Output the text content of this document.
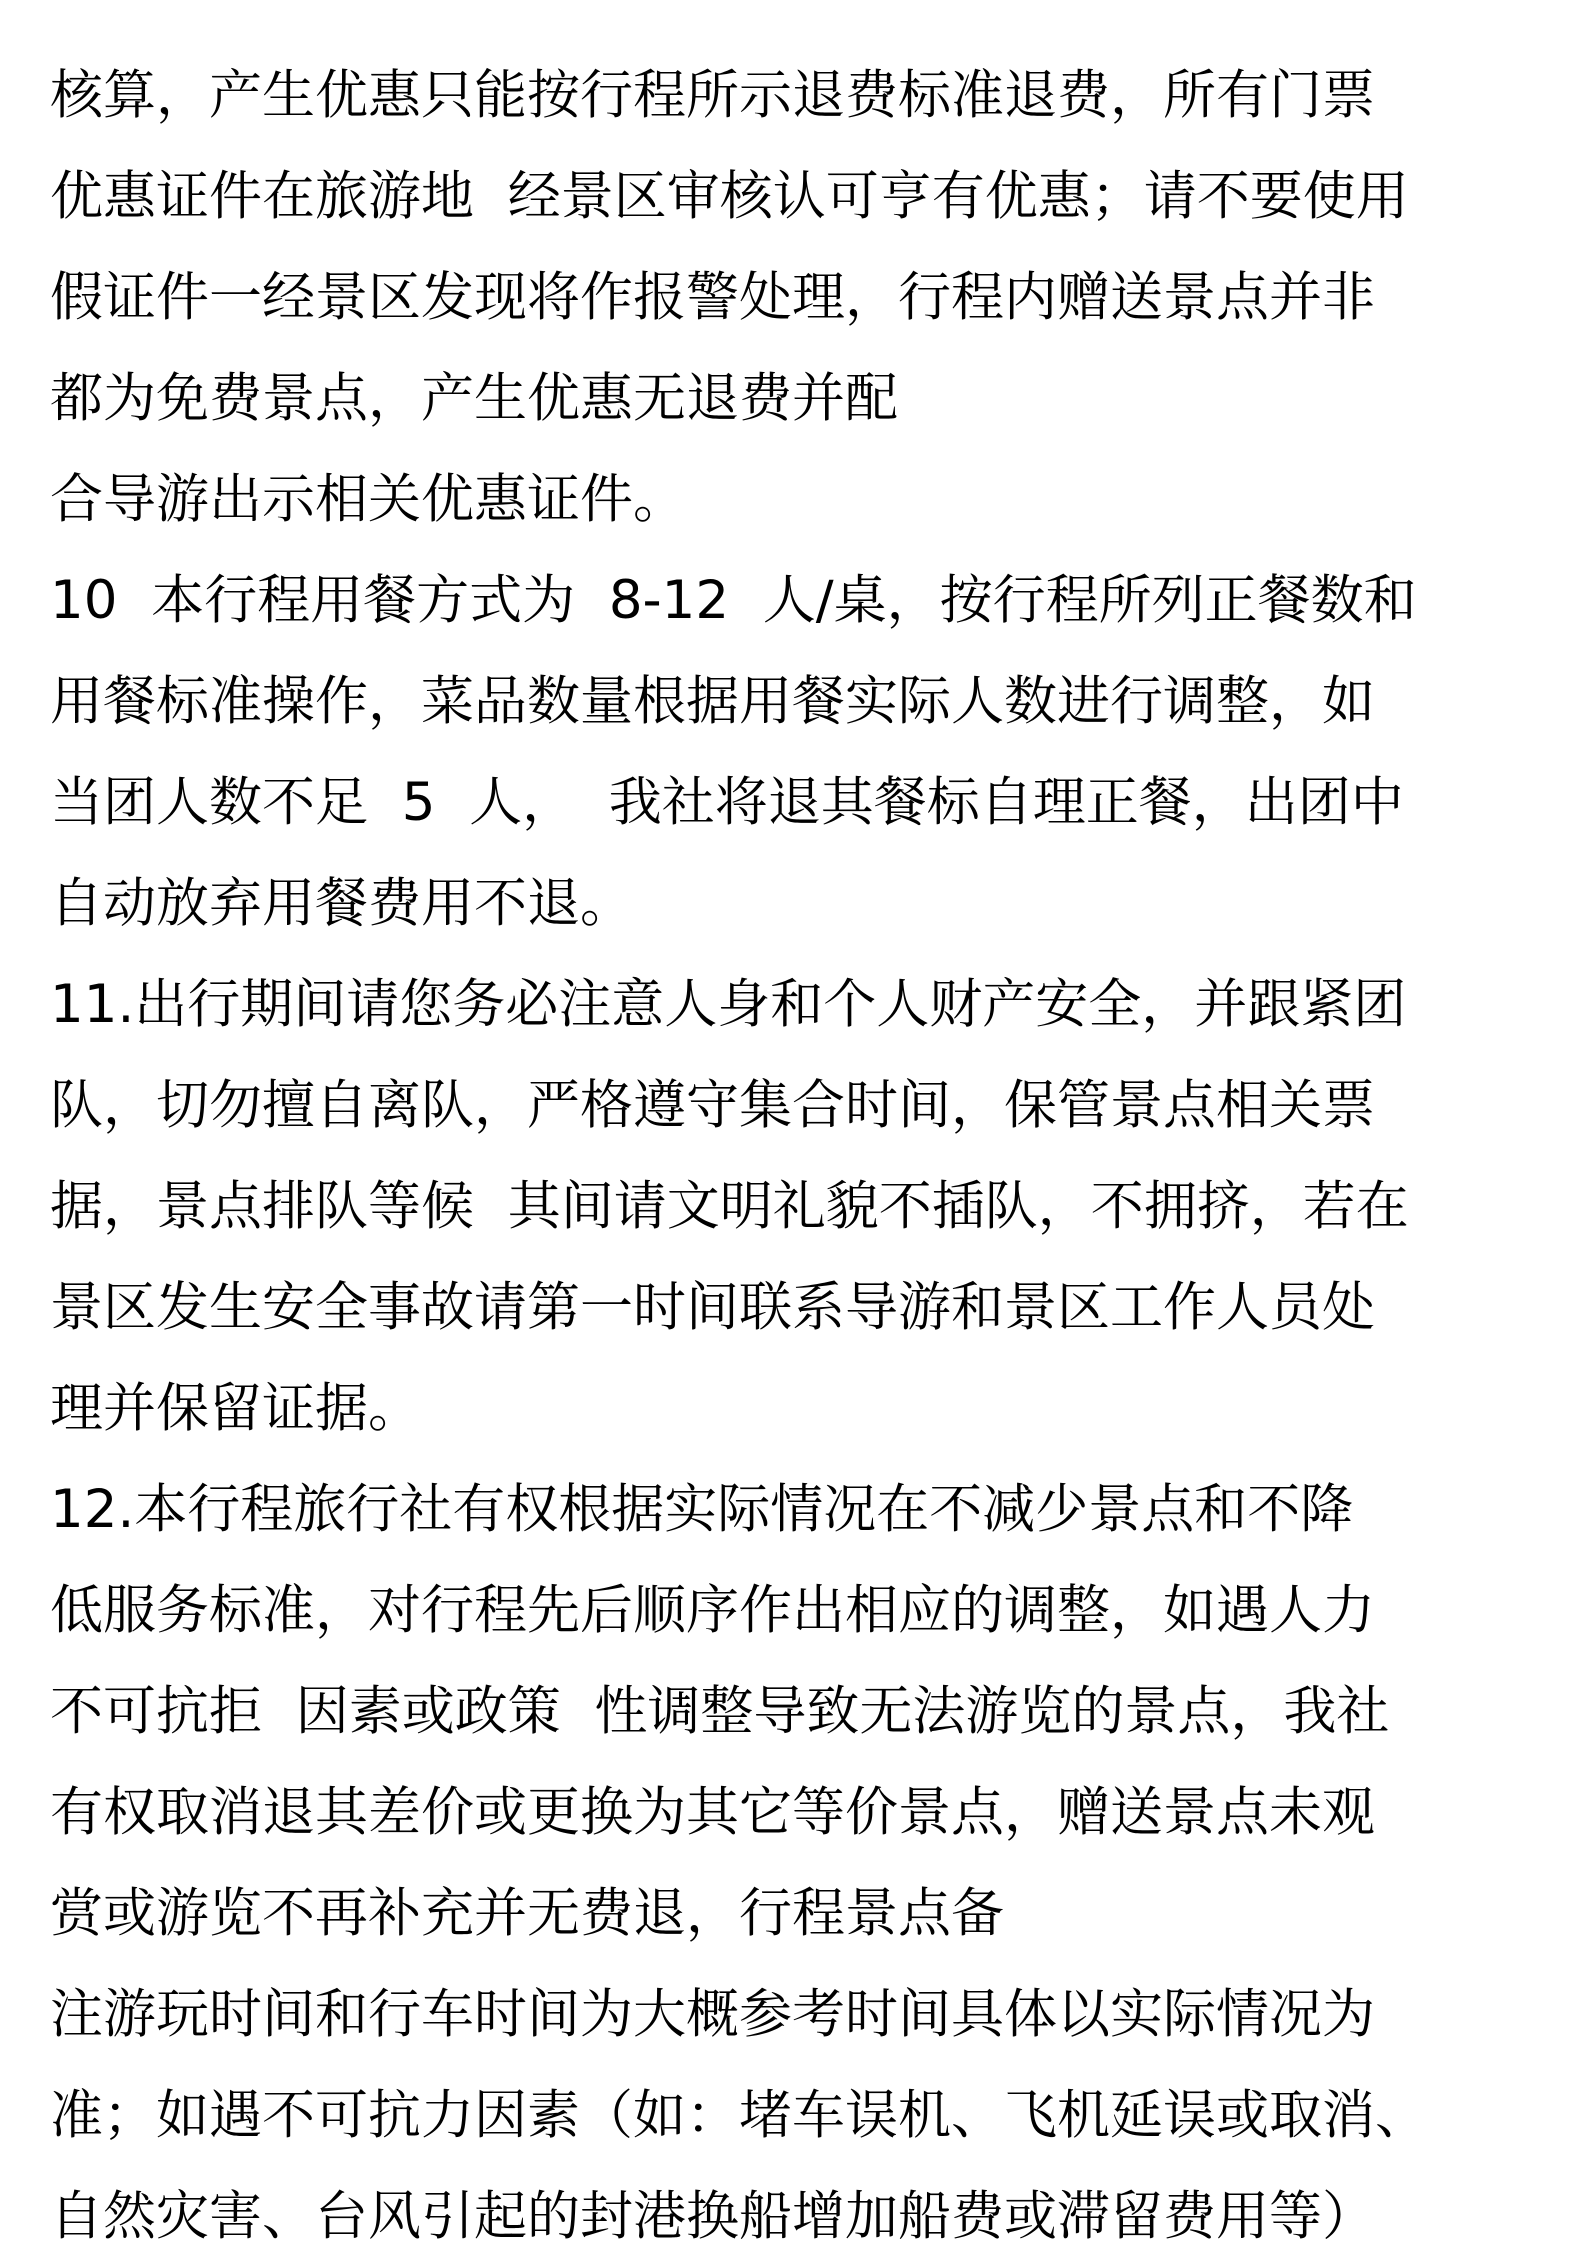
核算，产生优惠只能按行程所示退费标准退费，所有门票
优惠证件在旅游地  经景区审核认可亨有优惠；请不要使用
假证件一经景区发现将作报警处理，行程内赠送景点并非
都为免费景点，产生优惠无退费并配
合导游出示相关优惠证件。
10  本行程用餐方式为  8-12  人/桌，按行程所列正餐数和
用餐标准操作，菜品数量根据用餐实际人数进行调整，如
当团人数不足  5  人，  我社将退其餐标自理正餐，出团中
自动放弃用餐费用不退。
11.出行期间请您务必注意人身和个人财产安全，并跟紧团
队，切勿擅自离队，严格遵守集合时间，保管景点相关票
据，景点排队等候  其间请文明礼貌不插队，不拥挤，若在
景区发生安全事故请第一时间联系导游和景区工作人员处
理并保留证据。
12.本行程旅行社有权根据实际情况在不减少景点和不降
低服务标准，对行程先后顺序作出相应的调整，如遇人力
不可抗拒  因素或政策  性调整导致无法游览的景点，我社
有权取消退其差价或更换为其它等价景点，赠送景点未观
赏或游览不再补充并无费退，行程景点备
注游玩时间和行车时间为大概参考时间具体以实际情况为
准；如遇不可抗力因素（如：堵车误机、飞机延误或取消、
自然灾害、台风引起的封港换船增加船费或滞留费用等）
